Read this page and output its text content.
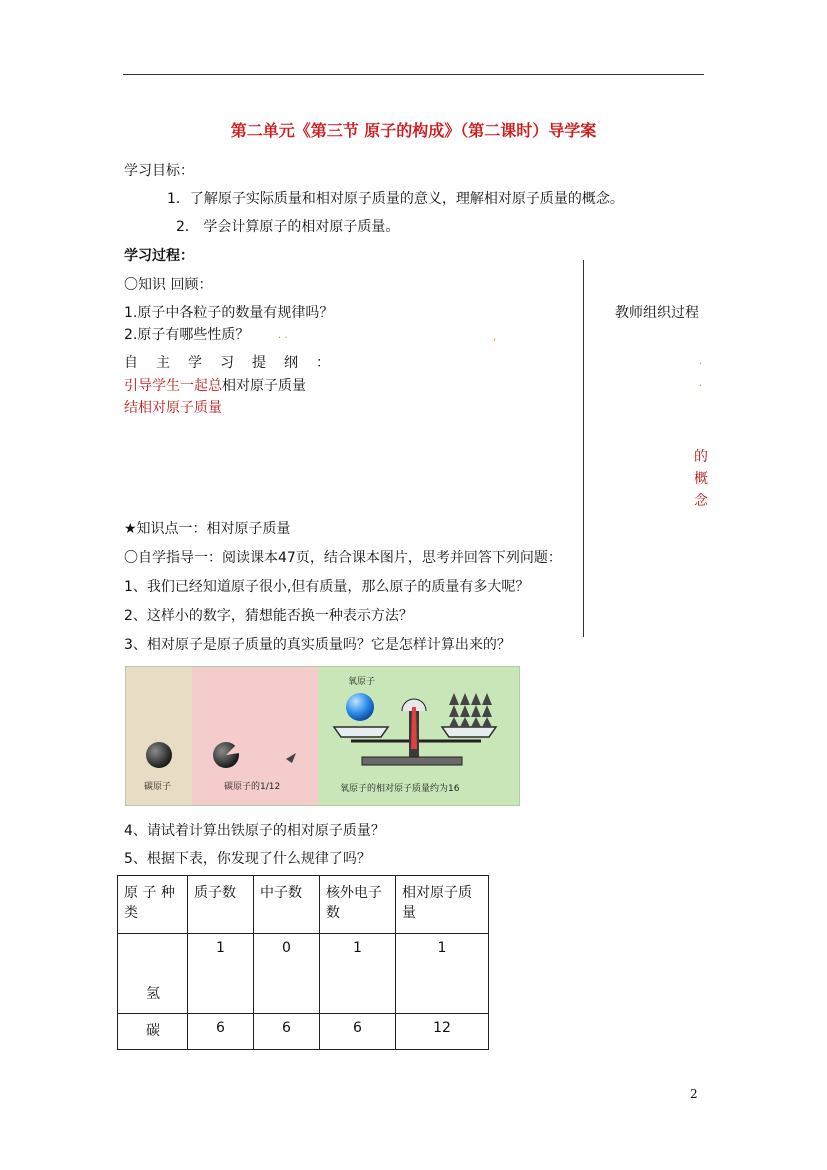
第二单元《第三节 原子的构成》（第二课时）导学案
学习目标：
1．了解原子实际质量和相对原子质量的意义，理解相对原子质量的概念。
2． 学会计算原子的相对原子质量。
学习过程：
〇知识 回顾：
1.原子中各粒子的数量有规律吗？
2.原子有哪些性质？	. .	,
教师组织过程
.
.
自　主　学　习　提　纲　：
引导学生一起总相对原子质量
结相对原子质量
的
概
念
★知识点一：相对原子质量
〇自学指导一：阅读课本47页，结合课本图片，思考并回答下列问题：
1、我们已经知道原子很小,但有质量，那么原子的质量有多大呢？
2、这样小的数字，猜想能否换一种表示方法？
3、相对原子是原子质量的真实质量吗？它是怎样计算出来的？
氧原子
碳原子	碳原子的1/12	氧原子的相对原子质量约为16
4、请试着计算出铁原子的相对原子质量？
5、根据下表，你发现了什么规律了吗？
原 子 种类	质子数	中子数	核外电子数	相对原子质量
氢	1	0	1	1
碳	6	6	6	12
2
